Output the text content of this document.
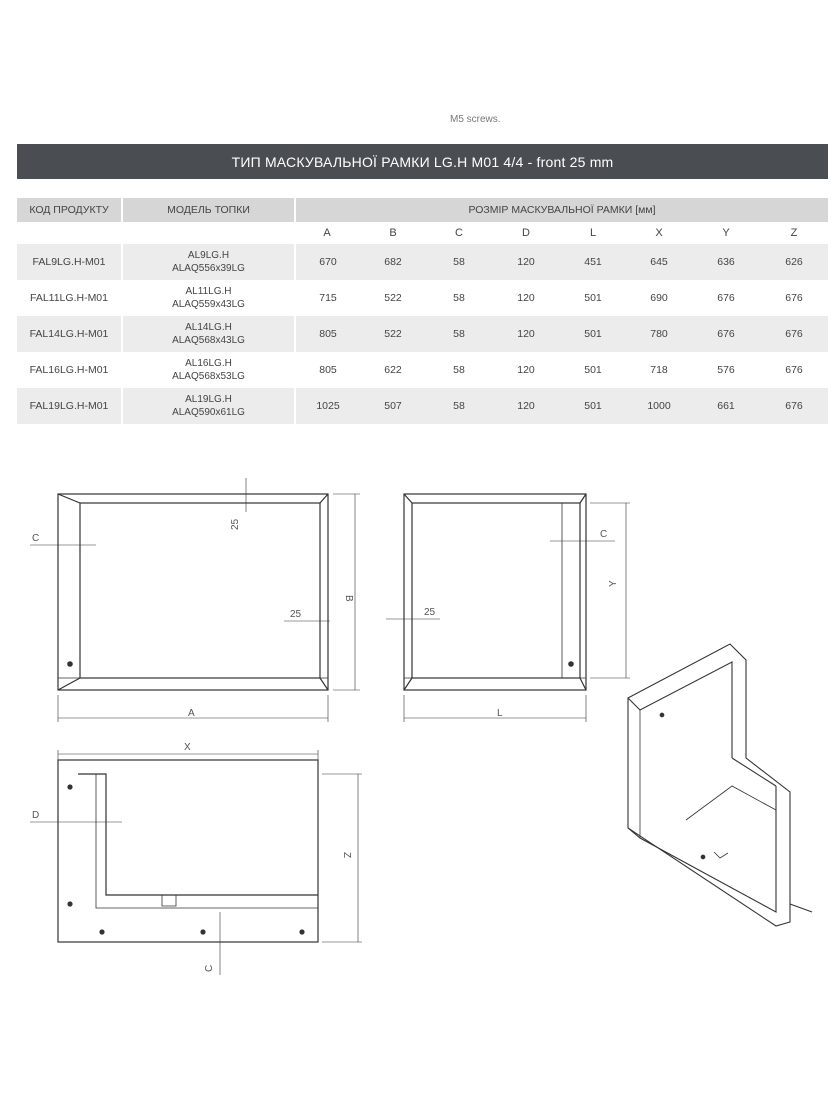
M5 screws.
ТИП МАСКУВАЛЬНОЇ РАМКИ LG.H M01 4/4 - front 25 mm
КОД ПРОДУКТУ	МОДЕЛЬ ТОПКИ	РОЗМІР МАСКУВАЛЬНОЇ РАМКИ [мм]							
		A	B	C	D	L	X	Y	Z
FAL9LG.H-M01	AL9LG.H
ALAQ556x39LG	670	682	58	120	451	645	636	626
FAL11LG.H-M01	AL11LG.H
ALAQ559x43LG	715	522	58	120	501	690	676	676
FAL14LG.H-M01	AL14LG.H
ALAQ568x43LG	805	522	58	120	501	780	676	676
FAL16LG.H-M01	AL16LG.H
ALAQ568x53LG	805	622	58	120	501	718	576	676
FAL19LG.H-M01	AL19LG.H
ALAQ590x61LG	1025	507	58	120	501	1000	661	676
C
A
B
25
25
C
L
Y
25
X
D
Z
C
